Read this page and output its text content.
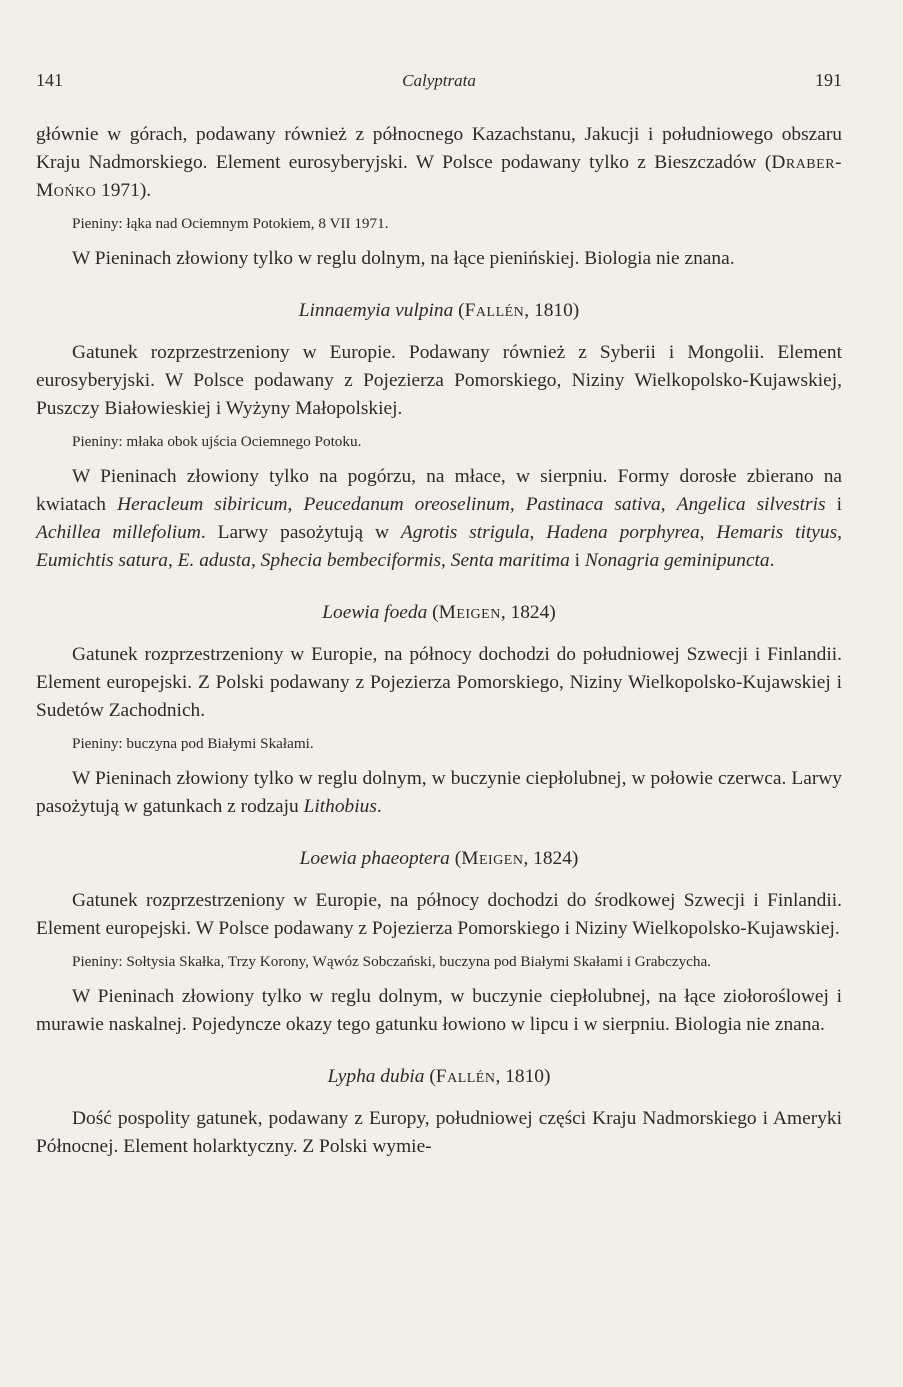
141	Calyptrata	191

głównie w górach, podawany również z północnego Kazachstanu, Jakucji i południowego obszaru Kraju Nadmorskiego. Element eurosyberyjski. W Polsce podawany tylko z Bieszczadów (Draber-Mońko 1971).

Pieniny: łąka nad Ociemnym Potokiem, 8 VII 1971.

W Pieninach złowiony tylko w reglu dolnym, na łące pienińskiej. Biologia nie znana.

Linnaemyia vulpina (Fallén, 1810)

Gatunek rozprzestrzeniony w Europie. Podawany również z Syberii i Mongolii. Element eurosyberyjski. W Polsce podawany z Pojezierza Pomorskiego, Niziny Wielkopolsko-Kujawskiej, Puszczy Białowieskiej i Wyżyny Małopolskiej.

Pieniny: młaka obok ujścia Ociemnego Potoku.

W Pieninach złowiony tylko na pogórzu, na młace, w sierpniu. Formy dorosłe zbierano na kwiatach Heracleum sibiricum, Peucedanum oreoselinum, Pastinaca sativa, Angelica silvestris i Achillea millefolium. Larwy pasożytują w Agrotis strigula, Hadena porphyrea, Hemaris tityus, Eumichtis satura, E. adusta, Sphecia bembeciformis, Senta maritima i Nonagria geminipuncta.

Loewia foeda (Meigen, 1824)

Gatunek rozprzestrzeniony w Europie, na północy dochodzi do południowej Szwecji i Finlandii. Element europejski. Z Polski podawany z Pojezierza Pomorskiego, Niziny Wielkopolsko-Kujawskiej i Sudetów Zachodnich.

Pieniny: buczyna pod Białymi Skałami.

W Pieninach złowiony tylko w reglu dolnym, w buczynie ciepłolubnej, w połowie czerwca. Larwy pasożytują w gatunkach z rodzaju Lithobius.

Loewia phaeoptera (Meigen, 1824)

Gatunek rozprzestrzeniony w Europie, na północy dochodzi do środkowej Szwecji i Finlandii. Element europejski. W Polsce podawany z Pojezierza Pomorskiego i Niziny Wielkopolsko-Kujawskiej.

Pieniny: Sołtysia Skałka, Trzy Korony, Wąwóz Sobczański, buczyna pod Białymi Skałami i Grabczycha.

W Pieninach złowiony tylko w reglu dolnym, w buczynie ciepłolubnej, na łące ziołoroślowej i murawie naskalnej. Pojedyncze okazy tego gatunku łowiono w lipcu i w sierpniu. Biologia nie znana.

Lypha dubia (Fallén, 1810)

Dość pospolity gatunek, podawany z Europy, południowej części Kraju Nadmorskiego i Ameryki Północnej. Element holarktyczny. Z Polski wymie-
